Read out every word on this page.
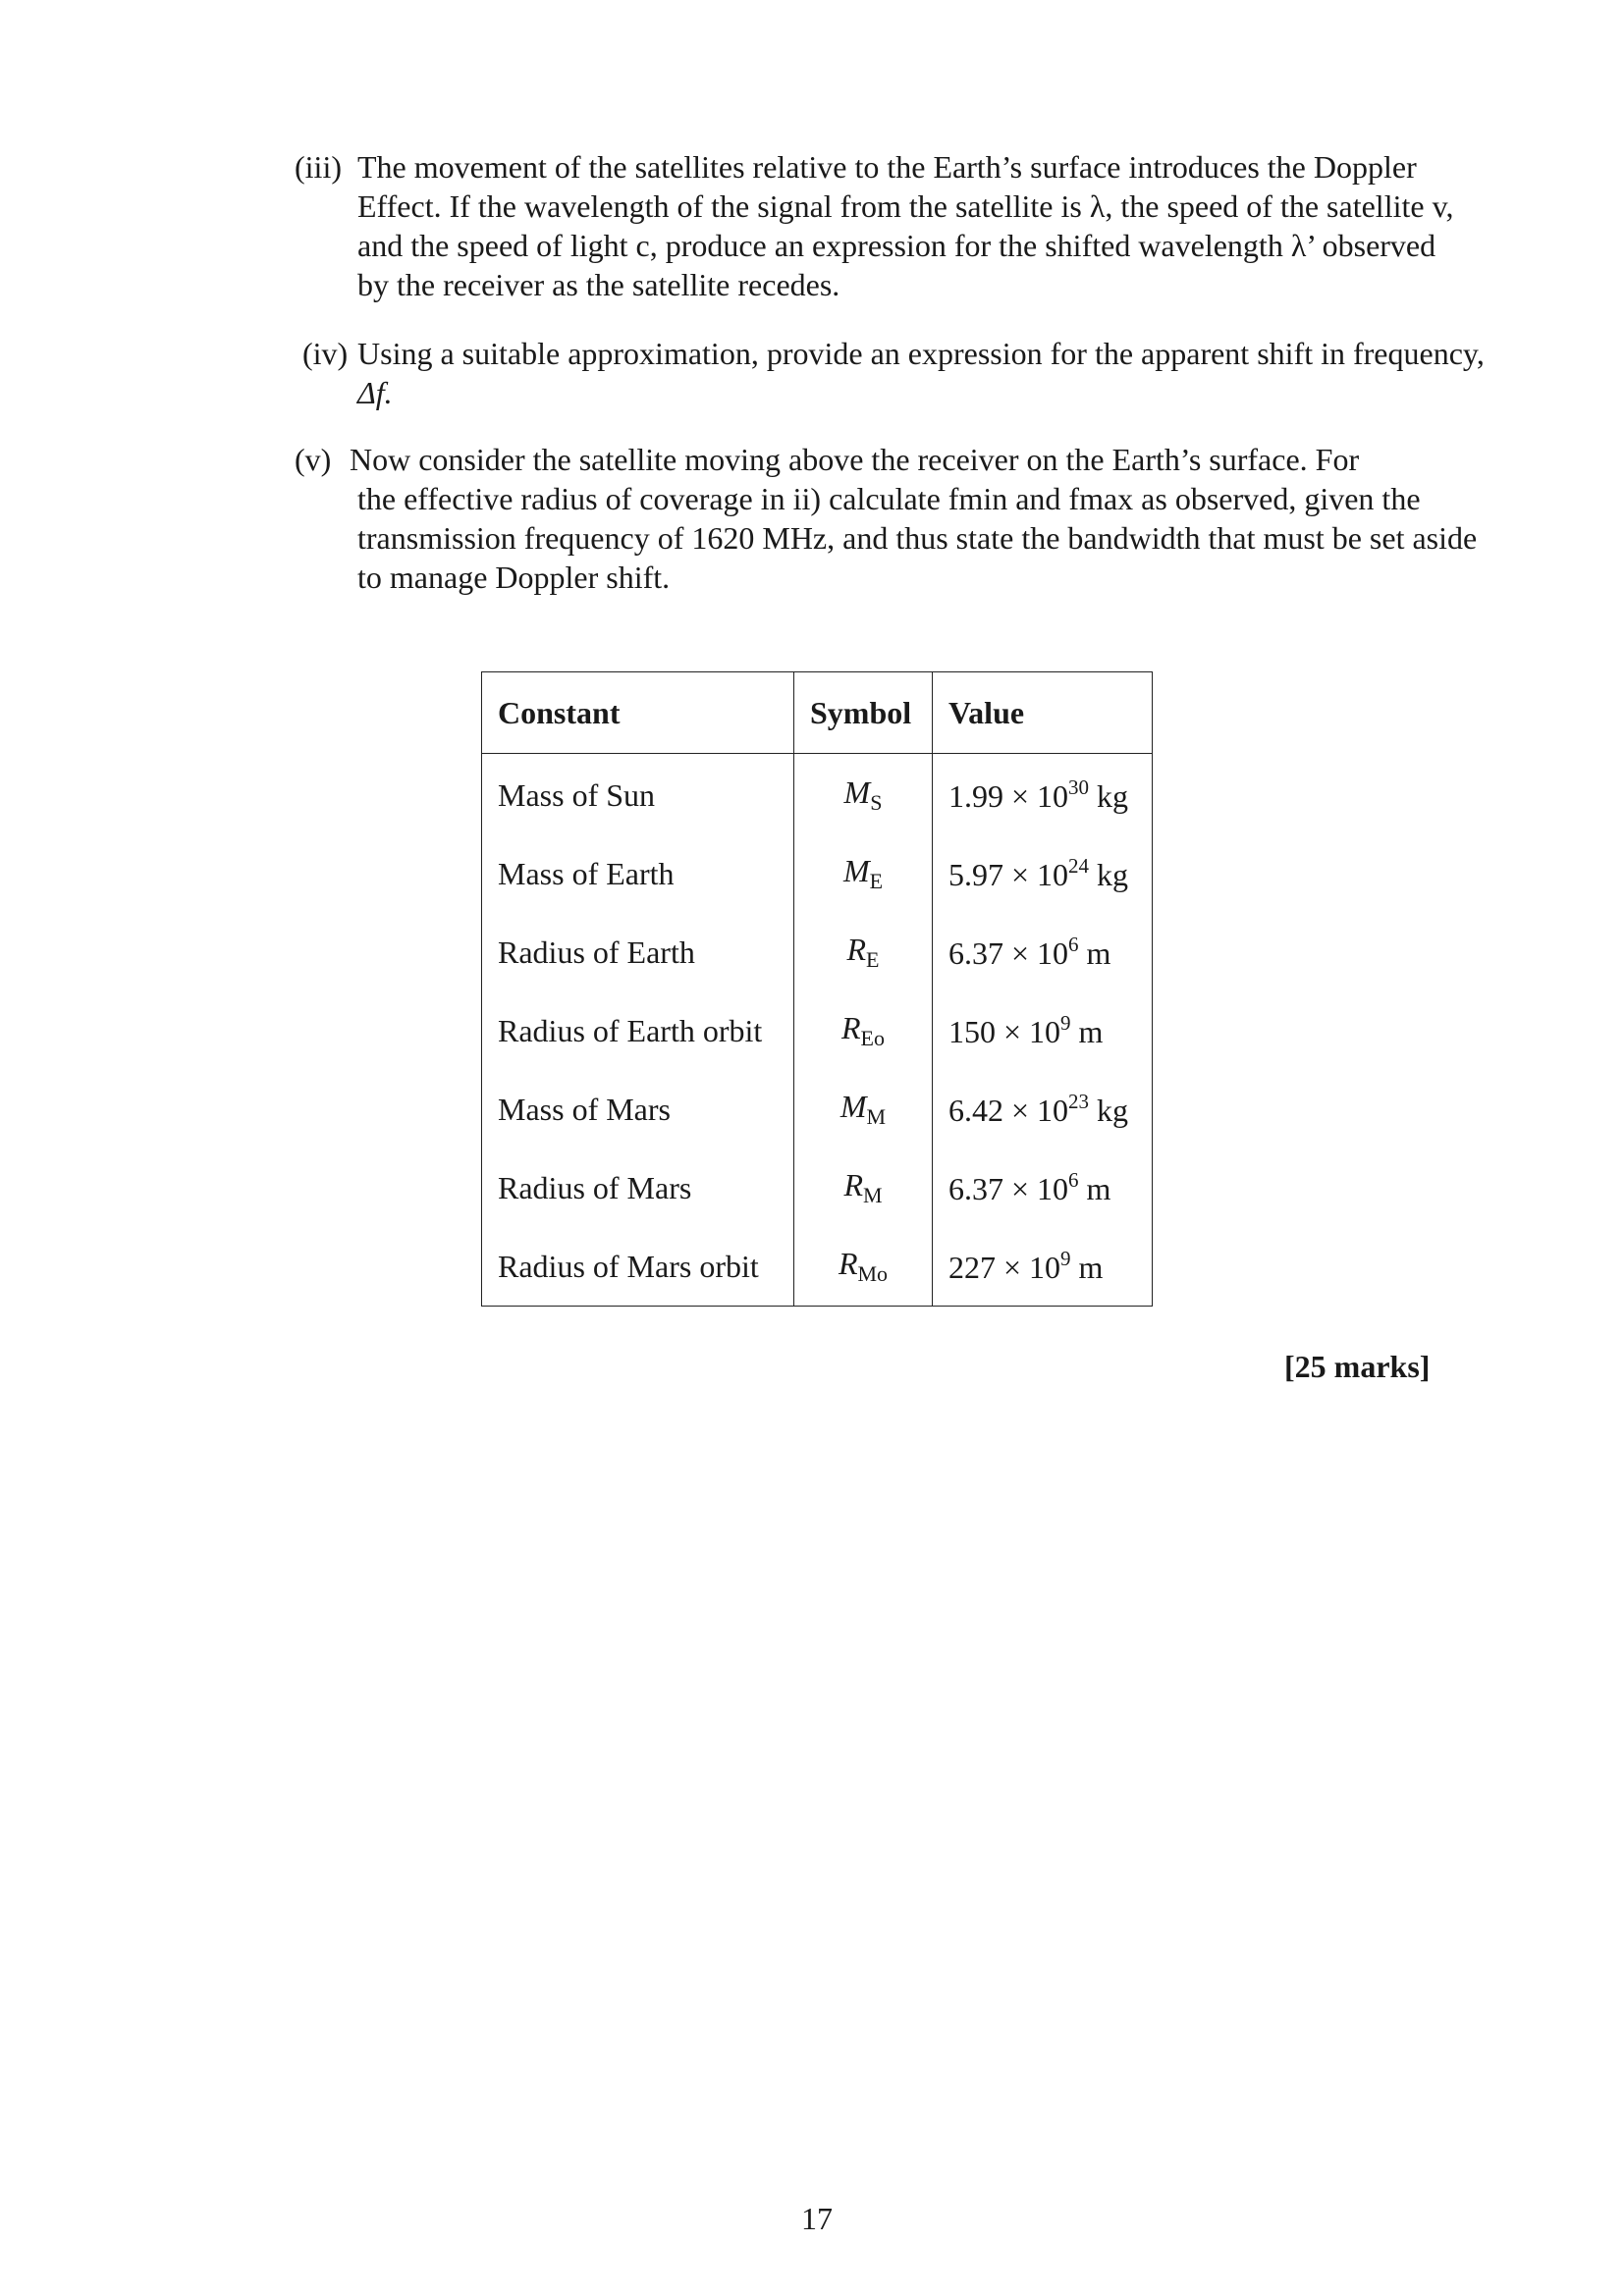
(iii) The movement of the satellites relative to the Earth’s surface introduces the Doppler
Effect. If the wavelength of the signal from the satellite is λ, the speed of the satellite v,
and the speed of light c, produce an expression for the shifted wavelength λ’ observed
by the receiver as the satellite recedes.
(iv) Using a suitable approximation, provide an expression for the apparent shift in frequency,
Δf.
(v) Now consider the satellite moving above the receiver on the Earth’s surface. For
the effective radius of coverage in ii) calculate fmin and fmax as observed, given the
transmission frequency of 1620 MHz, and thus state the bandwidth that must be set aside
to manage Doppler shift.
Constant	Symbol	Value
Mass of Sun	$M_S$	$1.99 \times 10^{30}$ kg
Mass of Earth	$M_E$	$5.97 \times 10^{24}$ kg
Radius of Earth	$R_E$	$6.37 \times 10^6$ m
Radius of Earth orbit	$R_{Eo}$	$150 \times 10^9$ m
Mass of Mars	$M_M$	$6.42 \times 10^{23}$ kg
Radius of Mars	$R_M$	$6.37 \times 10^6$ m
Radius of Mars orbit	$R_{Mo}$	$227 \times 10^9$ m
[25 marks]
17
